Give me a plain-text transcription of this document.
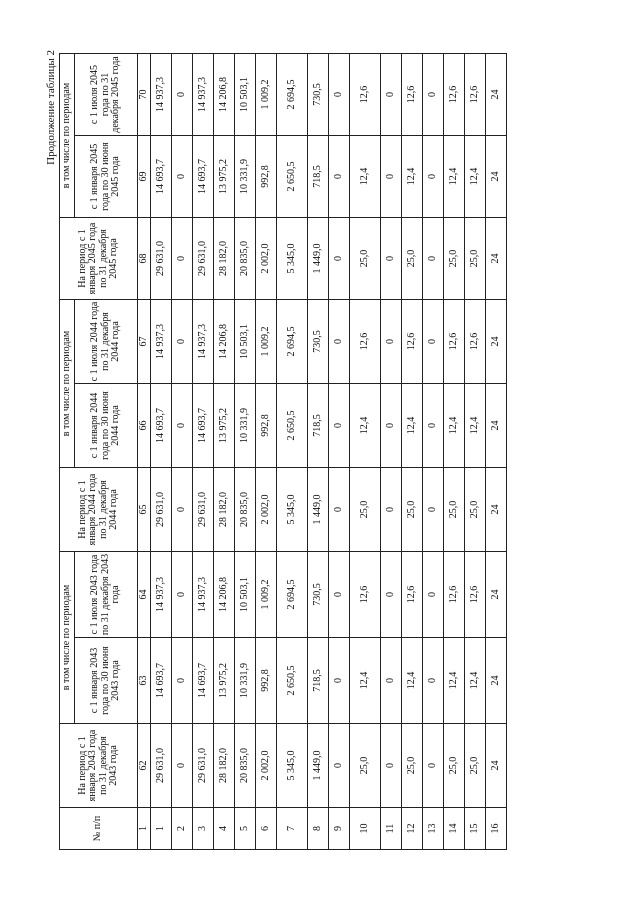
Продолжение таблицы 2
№ п/п	На период с 1 января 2043 года по 31 декабря 2043 года	в том числе по периодам		На период с 1 января 2044 года по 31 декабря 2044 года	в том числе по периодам		На период с 1 января 2045 года по 31 декабря 2045 года	в том числе по периодам	
		с 1 января 2043 года по 30 июня 2043 года	с 1 июля 2043 года по 31 декабря 2043 года		с 1 января 2044 года по 30 июня 2044 года	с 1 июля 2044 года по 31 декабря 2044 года		с 1 января 2045 года по 30 июня 2045 года	с 1 июля 2045 года по 31 декабря 2045 года
1	62	63	64	65	66	67	68	69	70
1	29 631,0	14 693,7	14 937,3	29 631,0	14 693,7	14 937,3	29 631,0	14 693,7	14 937,3
2	0	0	0	0	0	0	0	0	0
3	29 631,0	14 693,7	14 937,3	29 631,0	14 693,7	14 937,3	29 631,0	14 693,7	14 937,3
4	28 182,0	13 975,2	14 206,8	28 182,0	13 975,2	14 206,8	28 182,0	13 975,2	14 206,8
5	20 835,0	10 331,9	10 503,1	20 835,0	10 331,9	10 503,1	20 835,0	10 331,9	10 503,1
6	2 002,0	992,8	1 009,2	2 002,0	992,8	1 009,2	2 002,0	992,8	1 009,2
7	5 345,0	2 650,5	2 694,5	5 345,0	2 650,5	2 694,5	5 345,0	2 650,5	2 694,5
8	1 449,0	718,5	730,5	1 449,0	718,5	730,5	1 449,0	718,5	730,5
9	0	0	0	0	0	0	0	0	0
10	25,0	12,4	12,6	25,0	12,4	12,6	25,0	12,4	12,6
11	0	0	0	0	0	0	0	0	0
12	25,0	12,4	12,6	25,0	12,4	12,6	25,0	12,4	12,6
13	0	0	0	0	0	0	0	0	0
14	25,0	12,4	12,6	25,0	12,4	12,6	25,0	12,4	12,6
15	25,0	12,4	12,6	25,0	12,4	12,6	25,0	12,4	12,6
16	24	24	24	24	24	24	24	24	24
